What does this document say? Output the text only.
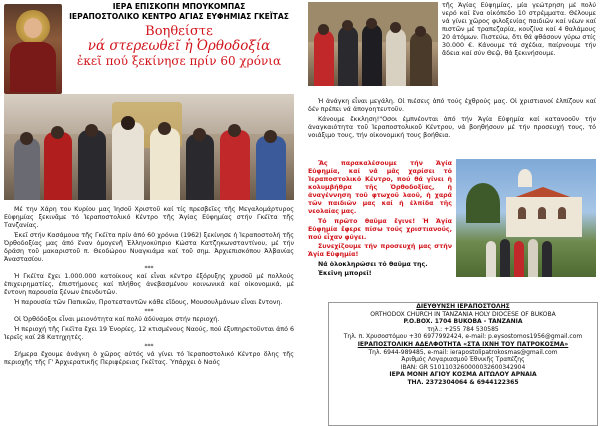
ΙΕΡΑ ΕΠΙΣΚΟΠΗ ΜΠΟΥΚΟΜΠΑΣ
ΙΕΡΑΠΟΣΤΟΛΙΚΟ ΚΕΝΤΡΟ ΑΓΙΑΣ ΕΥΦΗΜΙΑΣ ΓΚΕΪΤΑΣ
Βοηθείστε
νά στερεωθεῖ ἡ Ὀρθοδοξία
ἐκεῖ πού ξεκίνησε πρίν 60 χρόνια

Μέ την Χάρη του Κυρίου μας Ἰησοῦ Χριστοῦ καί τίς πρεσβεῖες τῆς Μεγαλομάρτυρος Εὐφημίας ξεκινᾶμε τό Ἱεραποστολικό Κέντρο τῆς Ἁγίας Εὐφημίας στήν Γκέϊτα τῆς Τανζανίας.

Ἐκεῖ στήν Κασάμουα τῆς Γκέϊτα πρίν ἀπό 60 χρόνια (1962) ξεκίνησε ἡ Ἱεραποστολή τῆς Ὀρθοδοξίας μας ἀπό ἕναν ὁμογενῆ Ἑλληνοκύπριο Κώστα Κατζηκωνσταντίνου, μέ τήν δράση τοῦ μακαριστοῦ π. Θεοδώρου Νυαγκιάμα καί τοῦ σημ. Ἀρχιεπισκόπου Ἀλβανίας Ἀναστασίου.

***

Ἡ Γκέϊτα ἔχει 1.000.000 κατοίκους καί εἶναι κέντρο ἐξόρυξης χρυσοῦ μέ πολλούς ἐπιχειρηματίες, ἐπιστήμονες καί πλήθος ἀνεβασμένου κοινωνικά καί οἰκονομικά, μέ ἔντονη παρουσία ξένων ἐπενδυτῶν.

Ἡ παρουσία τῶν Παπικῶν, Προτεσταντῶν κάθε εἴδους, Μουσουλμάνων εἶναι ἔντονη.

***

Οἱ Ὀρθόδοξοι εἶναι μειονότητα καί πολύ ἀδύναμοι στήν περιοχή.

Ἡ περιοχή τῆς Γκέϊτα ἔχει 19 Ἐνορίες, 12 κτισμένους Ναούς, πού ἐξυπηρετοῦνται ἀπό 6 Ἱερεῖς καί 28 Κατηχητές.

***

Σήμερα ἔχουμε ἀνάγκη ὁ χῶρος αὐτός νά γίνει τό Ἱεραποστολικό Κέντρο ὅλης τῆς περιοχῆς τῆς Γ' Ἀρχιερατικῆς Περιφέρειας Γκέϊτας. Ὑπάρχει ὁ Ναός

τῆς Ἁγίας Εὐφημίας, μία γεώτρηση μέ πολύ νερό καί ἕνα οἰκόπεδο 10 στρέμματα. Θέλουμε νά γίνει χῶρος φιλοξενίας παιδιῶν καί νέων καί πιστῶν μέ τραπεζαρία, κουζίνα καί 4 θαλάμους 20 ἀτόμων. Πιστεύω, ὅτι θά φθάσουν γύρω στίς 30.000 €. Κάνουμε τά σχέδια, παίρνουμε τήν ἄδεια καί σύν Θεῷ, θά ξεκινήσουμε.

Ἡ ἀνάγκη εἶναι μεγάλη. Οἱ πιέσεις ἀπό τούς ἐχθρούς μας. Οἱ χριστιανοί ἐλπίζουν καί δέν πρέπει νά ἀπογοητευτοῦν.

Κάνουμε ἔκκληση!"Οσοι ἐμπνέονται ἀπό τήν Ἁγία Εὐφημία καί κατανοοῦν τήν ἀναγκαιότητα τοῦ Ἱεραποστολικοῦ Κέντρου, νά βοηθήσουν μέ τήν προσευχή τους, τό νοιάξιμο τους, τήν οἰκονομική τους βοήθεια.

Ἄς παρακαλέσουμε τήν Ἁγία Εὐφημία, καί νά μᾶς χαρίσει τό Ἱεραποστολικό Κέντρο, πού θά γίνει ἡ κολυμβήθρα τῆς Ὀρθοδοξίας, ἡ ἀναγέννηση τοῦ φτωχοῦ λαοῦ, ἡ χαρά τῶν παιδιῶν μας καί ἡ ἐλπίδα τῆς νεολαίας μας.

Τό πρῶτο θαῦμα ἔγινε! Ἡ Ἁγία Εὐφημία ἔφερε πίσω τούς χριστιανούς, πού εἶχαν φύγει.

Συνεχίζουμε τήν προσευχή μας στήν Ἁγία Εὐφημία!

Νά ὁλοκληρώσει τό θαῦμα της.

Ἐκεῖνη μπορεῖ!

ΔΙΕΥΘΥΝΣΗ ΙΕΡΑΠΟΣΤΟΛΗΣ
ORTHODOX CHURCH IN TANZANIA HOLY DIOCESE OF BUKOBA
P.O.BOX. 1704 BUKOBA - TANZANIA
τηλ.: +255 784 530585
Τηλ. π. Χρυσοστόμου +30 6977992424, e-mail: p.eysostomos1956@gmail.com
ΙΕΡΑΠΟΣΤΟΛΙΚΗ ΑΔΕΛΦΟΤΗΤΑ «ΣΤΑ ΙΧΝΗ ΤΟΥ ΠΑΤΡΟΚΟΣΜΑ»
Τηλ. 6944-989485, e-mail: ierapostolipatrokosmas@gmail.com
Ἀριθμός Λογαριασμοῦ Ἐθνικῆς Τραπέζης
IBAN: GR 5101103260000032600342904
ΙΕΡΑ ΜΟΝΗ ΑΓΙΟΥ ΚΟΣΜΑ ΑΙΤΩΛΟΥ ΑΡΝΑΙΑ
ΤΗΛ. 2372304064 & 6944122365
